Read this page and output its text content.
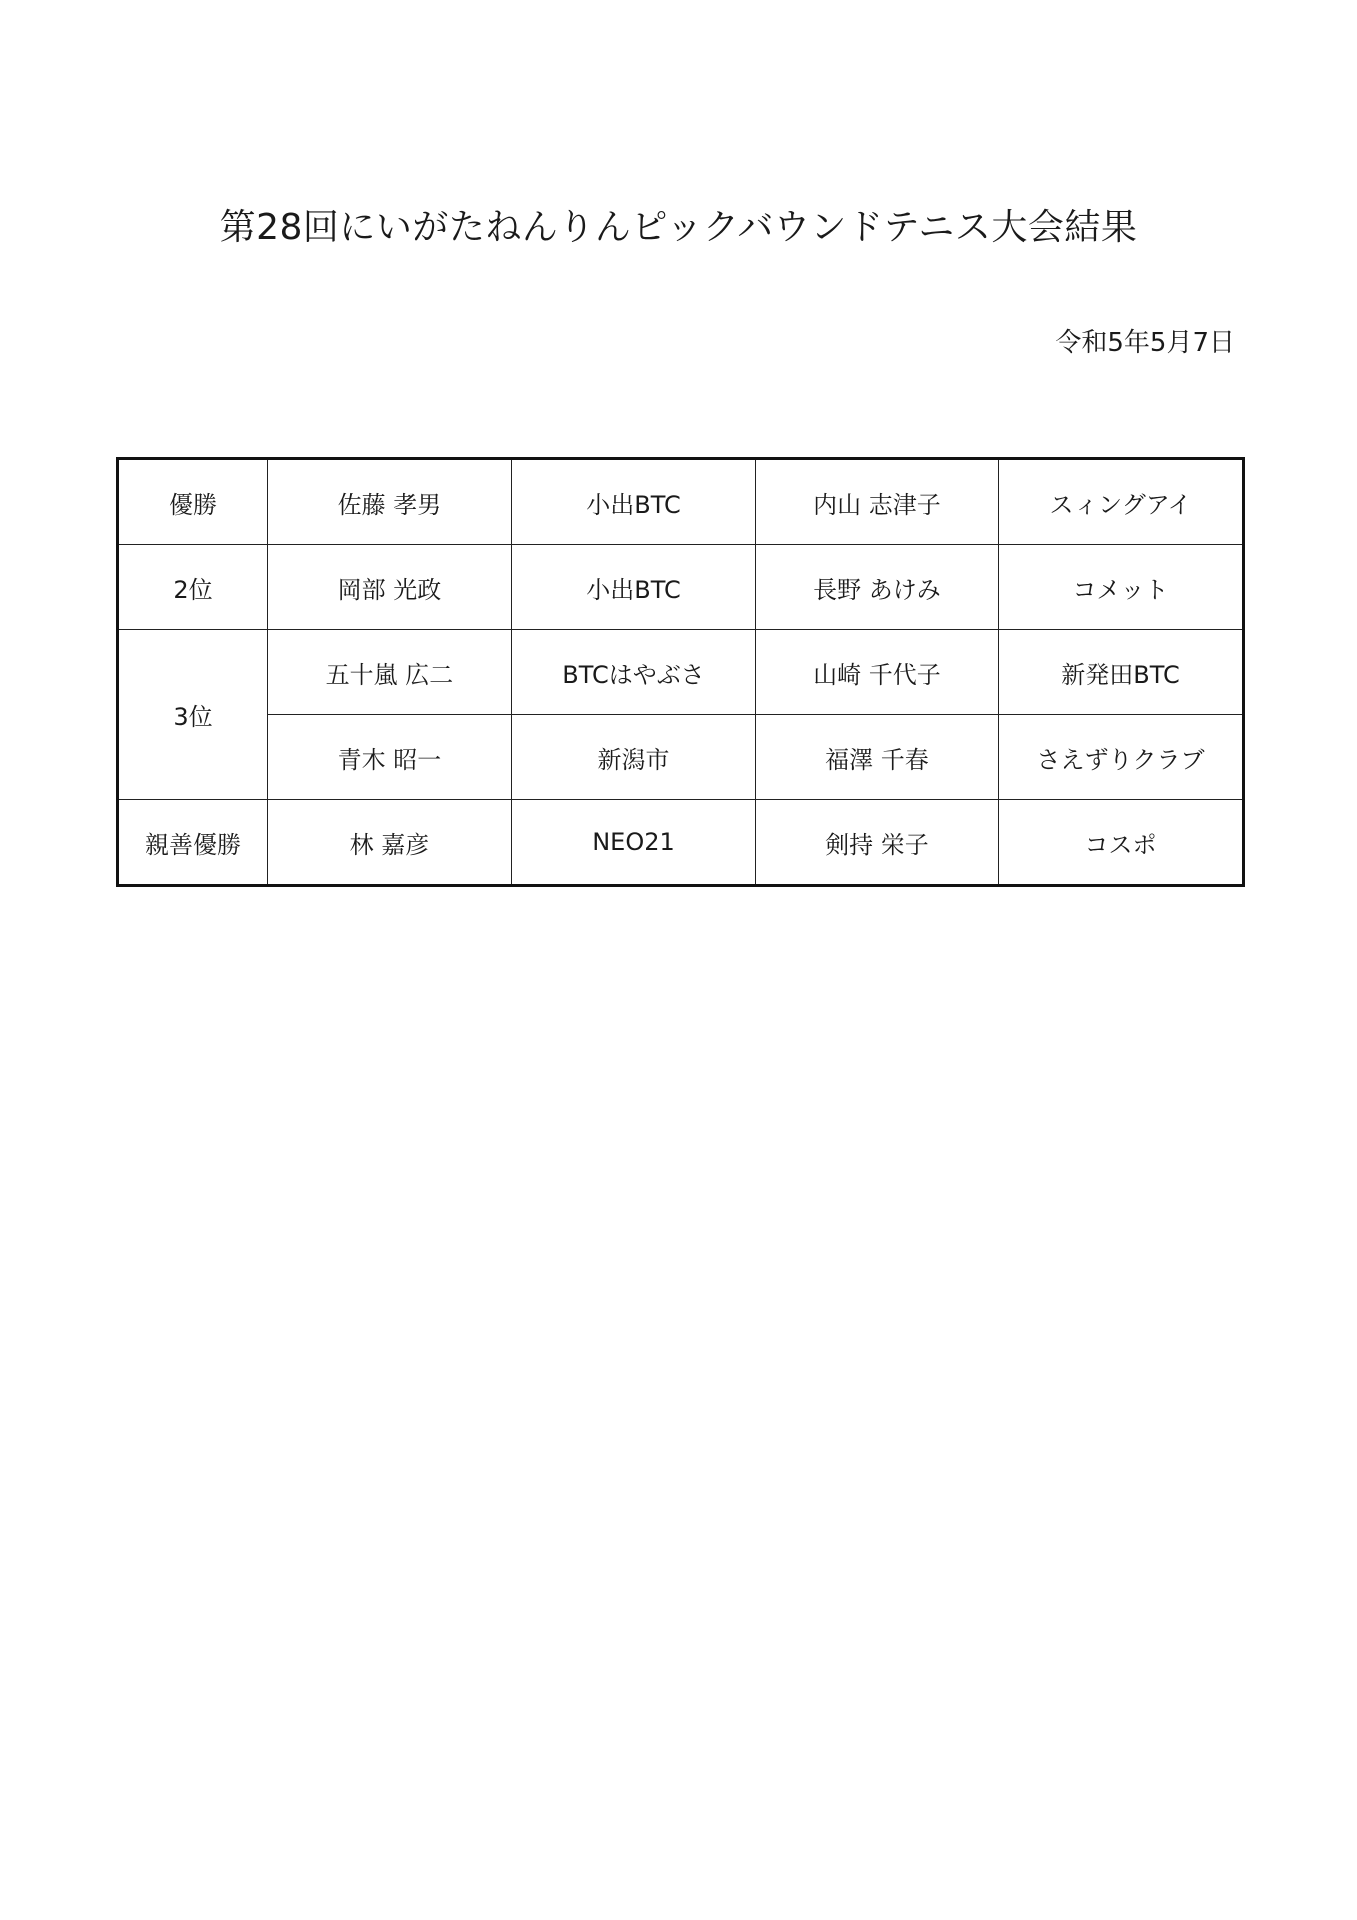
第28回にいがたねんりんピックバウンドテニス大会結果
令和5年5月7日
優勝	佐藤 孝男	小出BTC	内山 志津子	スィングアイ
2位	岡部 光政	小出BTC	長野 あけみ	コメット
3位	五十嵐 広二	BTCはやぶさ	山崎 千代子	新発田BTC
	青木 昭一	新潟市	福澤 千春	さえずりクラブ
親善優勝	林 嘉彦	NEO21	剣持 栄子	コスポ
